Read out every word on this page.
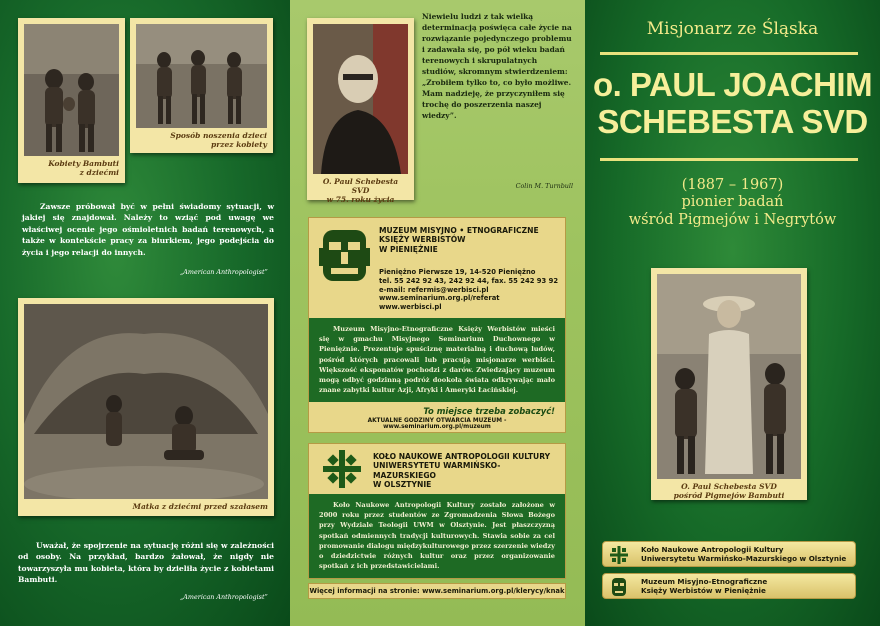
Kobiety Bambuti
z dziećmi
Sposób noszenia dzieci
przez kobiety
Zawsze próbował być w pełni świadomy sytuacji, w jakiej się znajdował. Należy to wziąć pod uwagę we właściwej ocenie jego ośmioletnich badań terenowych, a także w kontekście pracy za biurkiem, jego podejścia do życia i jego relacji do innych.
„American Anthropologist”
Matka z dziećmi przed szałasem
Uważał, że spojrzenie na sytuację różni się w zależności od osoby. Na przykład, bardzo żałował, że nigdy nie towarzyszyła mu kobieta, która by dzieliła życie z kobietami Bambuti.
„American Anthropologist”
O. Paul Schebesta SVD
w 75. roku życia
Niewielu ludzi z tak wielką determinacją poświęca całe życie na rozwiązanie pojedynczego problemu i zadawała się, po pół wieku badań terenowych i skrupulatnych studiów, skromnym stwierdzeniem: „Zrobiłem tylko to, co było możliwe. Mam nadzieję, że przyczyniłem się trochę do poszerzenia naszej wiedzy”.
Colin M. Turnbull
MUZEUM MISYJNO • ETNOGRAFICZNE
KSIĘŻY WERBISTÓW
W PIENIĘŻNIE
Pieniężno Pierwsze 19, 14-520 Pieniężno
tel. 55 242 92 43, 242 92 44, fax. 55 242 93 92
e-mail: refermis@werbisci.pl
www.seminarium.org.pl/referat
www.werbisci.pl
Muzeum Misyjno-Etnograficzne Księży Werbistów mieści się w gmachu Misyjnego Seminarium Duchownego w Pieniężnie. Prezentuje spuściznę materialną i duchową ludów, pośród których pracowali lub pracują misjonarze werbiści. Większość eksponatów pochodzi z darów. Zwiedzający muzeum mogą odbyć godzinną podróż dookoła świata odkrywając mało znane zabytki kultur Azji, Afryki i Ameryki Łacińskiej.
To miejsce trzeba zobaczyć!
AKTUALNE GODZINY OTWARCIA MUZEUM - www.seminarium.org.pl/muzeum
KOŁO NAUKOWE ANTROPOLOGII KULTURY
UNIWERSYTETU WARMIŃSKO-MAZURSKIEGO
W OLSZTYNIE
Koło Naukowe Antropologii Kultury zostało założone w 2000 roku przez studentów ze Zgromadzenia Słowa Bożego przy Wydziale Teologii UWM w Olsztynie. Jest płaszczyzną spotkań odmiennych tradycji kulturowych. Stawia sobie za cel promowanie dialogu międzykulturowego przez szerzenie wiedzy o dziedzictwie różnych kultur oraz przez organizowanie spotkań z ich przedstawicielami.
Więcej informacji na stronie: www.seminarium.org.pl/klerycy/knak
Misjonarz ze Śląska
o. PAUL JOACHIM SCHEBESTA SVD
(1887 – 1967)
pionier badań
wśród Pigmejów i Negrytów
O. Paul Schebesta SVD
pośród Pigmejów Bambuti
Koło Naukowe Antropologii Kultury
Uniwersytetu Warmińsko-Mazurskiego w Olsztynie
Muzeum Misyjno-Etnograficzne
Księży Werbistów w Pieniężnie
